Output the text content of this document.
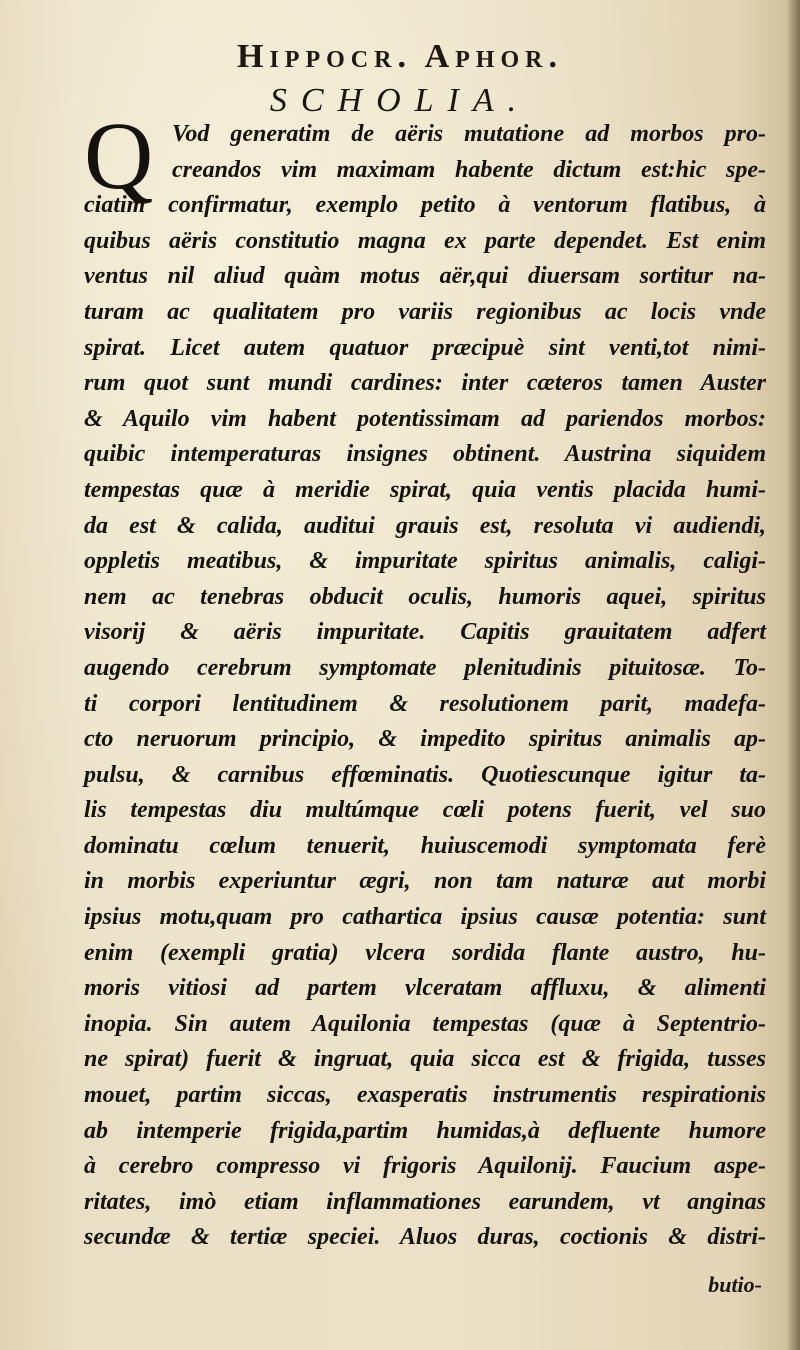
Hippocr. Aphor.
SCHOLIA.
Q Vod generatim de aëris mutatione ad morbos pro-
creandos vim maximam habente dictum est:hic spe-
ciatim confirmatur, exemplo petito à ventorum flatibus, à
quibus aëris constitutio magna ex parte dependet. Est enim
ventus nil aliud quàm motus aër,qui diuersam sortitur na-
turam ac qualitatem pro variis regionibus ac locis vnde
spirat. Licet autem quatuor præcipuè sint venti,tot nimi-
rum quot sunt mundi cardines: inter cæteros tamen Auster
& Aquilo vim habent potentissimam ad pariendos morbos:
quibic intemperaturas insignes obtinent. Austrina siquidem
tempestas quæ à meridie spirat, quia ventis placida humi-
da est & calida, auditui grauis est, resoluta vi audiendi,
oppletis meatibus, & impuritate spiritus animalis, caligi-
nem ac tenebras obducit oculis, humoris aquei, spiritus
visorij & aëris impuritate. Capitis grauitatem adfert
augendo cerebrum symptomate plenitudinis pituitosæ. To-
ti corpori lentitudinem & resolutionem parit, madefa-
cto neruorum principio, & impedito spiritus animalis ap-
pulsu, & carnibus effœminatis. Quotiescunque igitur ta-
lis tempestas diu multúmque cœli potens fuerit, vel suo
dominatu cœlum tenuerit, huiuscemodi symptomata ferè
in morbis experiuntur ægri, non tam naturæ aut morbi
ipsius motu,quam pro cathartica ipsius causæ potentia: sunt
enim (exempli gratia) vlcera sordida flante austro, hu-
moris vitiosi ad partem vlceratam affluxu, & alimenti
inopia. Sin autem Aquilonia tempestas (quæ à Septentrio-
ne spirat) fuerit & ingruat, quia sicca est & frigida, tusses
mouet, partim siccas, exasperatis instrumentis respirationis
ab intemperie frigida,partim humidas,à defluente humore
à cerebro compresso vi frigoris Aquilonij. Faucium aspe-
ritates, imò etiam inflammationes earundem, vt anginas
secundæ & tertiæ speciei. Aluos duras, coctionis & distri-
butio-
